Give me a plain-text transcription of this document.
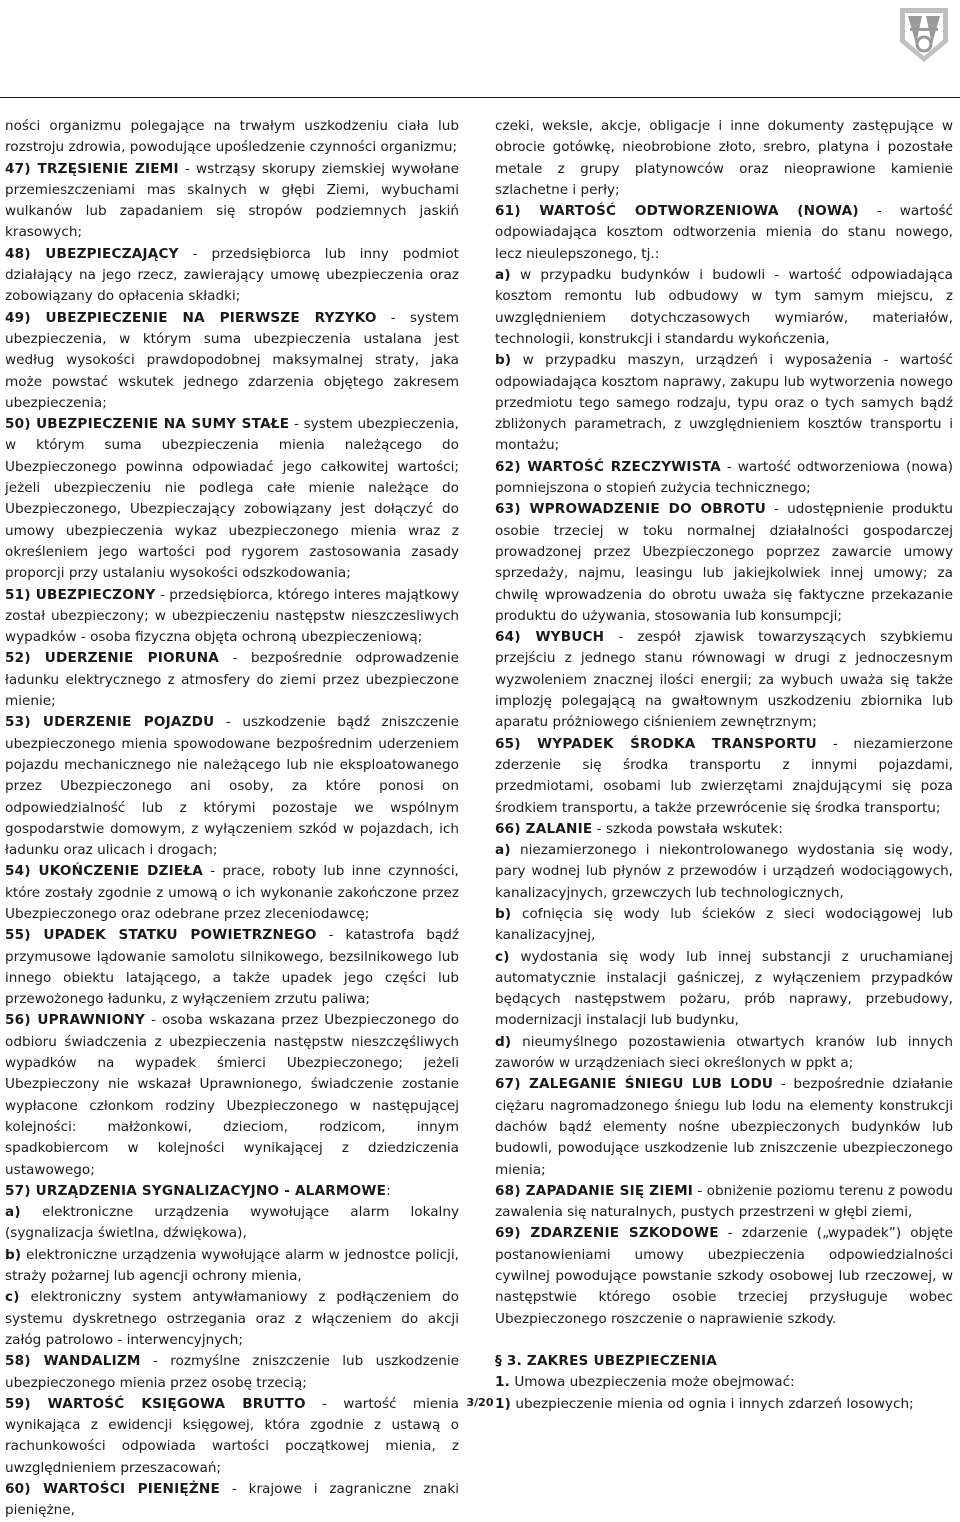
ności organizmu polegające na trwałym uszkodzeniu ciała lub rozstroju zdrowia, powodujące upośledzenie czynności organizmu;

47) TRZĘSIENIE ZIEMI - wstrząsy skorupy ziemskiej wywołane przemieszczeniami mas skalnych w głębi Ziemi, wybuchami wulkanów lub zapadaniem się stropów podziemnych jaskiń krasowych;

48) UBEZPIECZAJĄCY - przedsiębiorca lub inny podmiot działający na jego rzecz, zawierający umowę ubezpieczenia oraz zobowiązany do opłacenia składki;

49) UBEZPIECZENIE NA PIERWSZE RYZYKO - system ubezpieczenia, w którym suma ubezpieczenia ustalana jest według wysokości prawdopodobnej maksymalnej straty, jaka może powstać wskutek jednego zdarzenia objętego zakresem ubezpieczenia;

50) UBEZPIECZENIE NA SUMY STAŁE - system ubezpieczenia, w którym suma ubezpieczenia mienia należącego do Ubezpieczonego powinna odpowiadać jego całkowitej wartości; jeżeli ubezpieczeniu nie podlega całe mienie należące do Ubezpieczonego, Ubezpieczający zobowiązany jest dołączyć do umowy ubezpieczenia wykaz ubezpieczonego mienia wraz z określeniem jego wartości pod rygorem zastosowania zasady proporcji przy ustalaniu wysokości odszkodowania;

51) UBEZPIECZONY - przedsiębiorca, którego interes majątkowy został ubezpieczony; w ubezpieczeniu następstw nieszczesliwych wypadków - osoba fizyczna objęta ochroną ubezpieczeniową;

52) UDERZENIE PIORUNA - bezpośrednie odprowadzenie ładunku elektrycznego z atmosfery do ziemi przez ubezpieczone mienie;

53) UDERZENIE POJAZDU - uszkodzenie bądź zniszczenie ubezpieczonego mienia spowodowane bezpośrednim uderzeniem pojazdu mechanicznego nie należącego lub nie eksploatowanego przez Ubezpieczonego ani osoby, za które ponosi on odpowiedzialność lub z którymi pozostaje we wspólnym gospodarstwie domowym, z wyłączeniem szkód w pojazdach, ich ładunku oraz ulicach i drogach;

54) UKOŃCZENIE DZIEŁA - prace, roboty lub inne czynności, które zostały zgodnie z umową o ich wykonanie zakończone przez Ubezpieczonego oraz odebrane przez zleceniodawcę;

55) UPADEK STATKU POWIETRZNEGO - katastrofa bądź przymusowe lądowanie samolotu silnikowego, bezsilnikowego lub innego obiektu latającego, a także upadek jego części lub przewożonego ładunku, z wyłączeniem zrzutu paliwa;

56) UPRAWNIONY - osoba wskazana przez Ubezpieczonego do odbioru świadczenia z ubezpieczenia następstw nieszczęśliwych wypadków na wypadek śmierci Ubezpieczonego; jeżeli Ubezpieczony nie wskazał Uprawnionego, świadczenie zostanie wypłacone członkom rodziny Ubezpieczonego w następującej kolejności: małżonkowi, dzieciom, rodzicom, innym spadkobiercom w kolejności wynikającej z dziedziczenia ustawowego;

57) URZĄDZENIA SYGNALIZACYJNO - ALARMOWE:

a) elektroniczne urządzenia wywołujące alarm lokalny (sygnalizacja świetlna, dźwiękowa),

b) elektroniczne urządzenia wywołujące alarm w jednostce policji, straży pożarnej lub agencji ochrony mienia,

c) elektroniczny system antywłamaniowy z podłączeniem do systemu dyskretnego ostrzegania oraz z włączeniem do akcji załóg patrolowo - interwencyjnych;

58) WANDALIZM - rozmyślne zniszczenie lub uszkodzenie ubezpieczonego mienia przez osobę trzecią;

59) WARTOŚĆ KSIĘGOWA BRUTTO - wartość mienia wynikająca z ewidencji księgowej, która zgodnie z ustawą o rachunkowości odpowiada wartości początkowej mienia, z uwzględnieniem przeszacowań;

60) WARTOŚCI PIENIĘŻNE - krajowe i zagraniczne znaki pieniężne,

czeki, weksle, akcje, obligacje i inne dokumenty zastępujące w obrocie gotówkę, nieobrobione złoto, srebro, platyna i pozostałe metale z grupy platynowców oraz nieoprawione kamienie szlachetne i perły;

61) WARTOŚĆ ODTWORZENIOWA (NOWA) - wartość odpowiadająca kosztom odtworzenia mienia do stanu nowego, lecz nieulepszonego, tj.:

a) w przypadku budynków i budowli - wartość odpowiadająca kosztom remontu lub odbudowy w tym samym miejscu, z uwzględnieniem dotychczasowych wymiarów, materiałów, technologii, konstrukcji i standardu wykończenia,

b) w przypadku maszyn, urządzeń i wyposażenia - wartość odpowiadająca kosztom naprawy, zakupu lub wytworzenia nowego przedmiotu tego samego rodzaju, typu oraz o tych samych bądź zbliżonych parametrach, z uwzględnieniem kosztów transportu i montażu;

62) WARTOŚĆ RZECZYWISTA - wartość odtworzeniowa (nowa) pomniejszona o stopień zużycia technicznego;

63) WPROWADZENIE DO OBROTU - udostępnienie produktu osobie trzeciej w toku normalnej działalności gospodarczej prowadzonej przez Ubezpieczonego poprzez zawarcie umowy sprzedaży, najmu, leasingu lub jakiejkolwiek innej umowy; za chwilę wprowadzenia do obrotu uważa się faktyczne przekazanie produktu do używania, stosowania lub konsumpcji;

64) WYBUCH - zespół zjawisk towarzyszących szybkiemu przejściu z jednego stanu równowagi w drugi z jednoczesnym wyzwoleniem znacznej ilości energii; za wybuch uważa się także implozję polegającą na gwałtownym uszkodzeniu zbiornika lub aparatu próżniowego ciśnieniem zewnętrznym;

65) WYPADEK ŚRODKA TRANSPORTU - niezamierzone zderzenie się środka transportu z innymi pojazdami, przedmiotami, osobami lub zwierzętami znajdującymi się poza środkiem transportu, a także przewrócenie się środka transportu;

66) ZALANIE - szkoda powstała wskutek:

a) niezamierzonego i niekontrolowanego wydostania się wody, pary wodnej lub płynów z przewodów i urządzeń wodociągowych, kanalizacyjnych, grzewczych lub technologicznych,

b) cofnięcia się wody lub ścieków z sieci wodociągowej lub kanalizacyjnej,

c) wydostania się wody lub innej substancji z uruchamianej automatycznie instalacji gaśniczej, z wyłączeniem przypadków będących następstwem pożaru, prób naprawy, przebudowy, modernizacji instalacji lub budynku,

d) nieumyślnego pozostawienia otwartych kranów lub innych zaworów w urządzeniach sieci określonych w ppkt a;

67) ZALEGANIE ŚNIEGU LUB LODU - bezpośrednie działanie ciężaru nagromadzonego śniegu lub lodu na elementy konstrukcji dachów bądź elementy nośne ubezpieczonych budynków lub budowli, powodujące uszkodzenie lub zniszczenie ubezpieczonego mienia;

68) ZAPADANIE SIĘ ZIEMI - obniżenie poziomu terenu z powodu zawalenia się naturalnych, pustych przestrzeni w głębi ziemi,

69) ZDARZENIE SZKODOWE - zdarzenie („wypadek”) objęte postanowieniami umowy ubezpieczenia odpowiedzialności cywilnej powodujące powstanie szkody osobowej lub rzeczowej, w następstwie którego osobie trzeciej przysługuje wobec Ubezpieczonego roszczenie o naprawienie szkody.

§ 3. ZAKRES UBEZPIECZENIA

1. Umowa ubezpieczenia może obejmować:

1) ubezpieczenie mienia od ognia i innych zdarzeń losowych;

3/20
